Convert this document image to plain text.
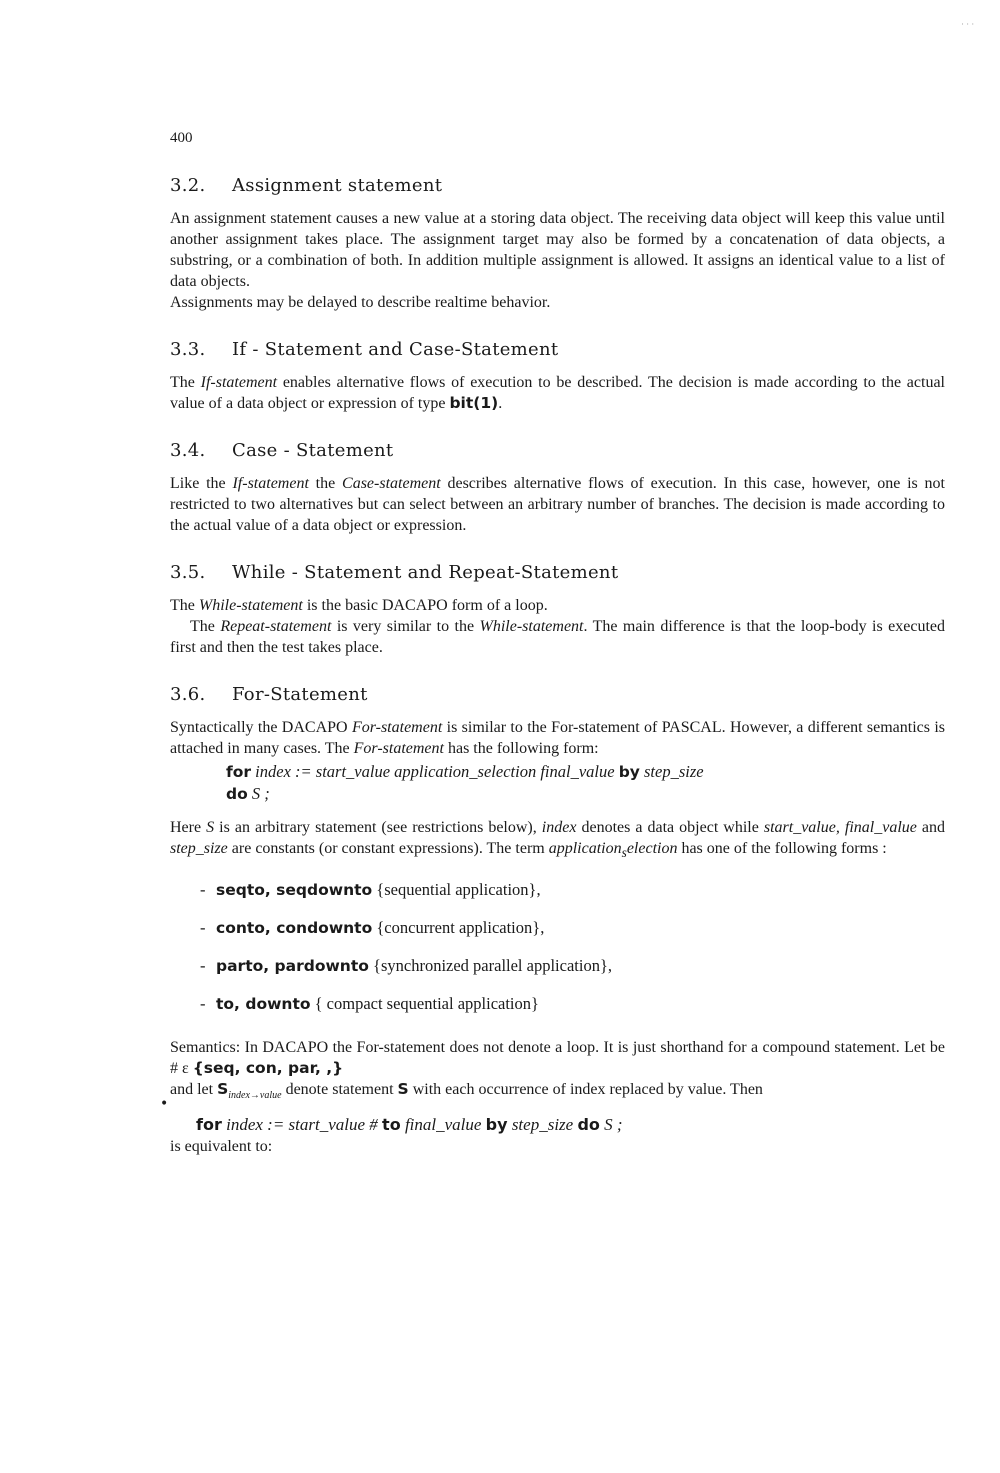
· · ·
•
400
3.2. Assignment statement

An assignment statement causes a new value at a storing data object. The receiving data object will keep this value until another assignment takes place. The assignment target may also be formed by a concatenation of data objects, a substring, or a combination of both. In addition multiple assignment is allowed. It assigns an identical value to a list of data objects.

Assignments may be delayed to describe realtime behavior.

3.3. If - Statement and Case-Statement

The If-statement enables alternative flows of execution to be described. The decision is made according to the actual value of a data object or expression of type bit(1).

3.4. Case - Statement

Like the If-statement the Case-statement describes alternative flows of execution. In this case, however, one is not restricted to two alternatives but can select between an arbitrary number of branches. The decision is made according to the actual value of a data object or expression.

3.5. While - Statement and Repeat-Statement

The While-statement is the basic DACAPO form of a loop.

The Repeat-statement is very similar to the While-statement. The main difference is that the loop-body is executed first and then the test takes place.

3.6. For-Statement

Syntactically the DACAPO For-statement is similar to the For-statement of PASCAL. However, a different semantics is attached in many cases. The For-statement has the following form:

for index := start_value application_selection final_value by step_size
do S ;

Here S is an arbitrary statement (see restrictions below), index denotes a data object while start_value, final_value and step_size are constants (or constant expressions). The term application$_s$election has one of the following forms :

- seqto, seqdownto {sequential application},
- conto, condownto {concurrent application},
- parto, pardownto {synchronized parallel application},
- to, downto { compact sequential application}

Semantics: In DACAPO the For-statement does not denote a loop. It is just shorthand for a compound statement. Let be # ε {seq, con, par, ,}
and let $S_{index\to value}$ denote statement S with each occurrence of index replaced by value. Then

for index := start_value # to final_value by step_size do S ;

is equivalent to:
